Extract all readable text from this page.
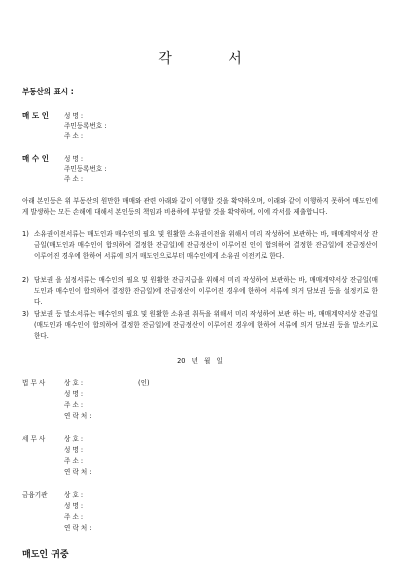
각 서
부동산의 표시 :
매 도 인 성 명 :
주민등록번호 :
주 소 :
매 수 인 성 명 :
주민등록번호 :
주 소 :
아래 본인등은 위 부동산의 원만한 매매와 관련 아래와 같이 이행할 것을 확약하오며, 이래와 같이 이행하지 못하여 매도인에게 발생하는 모든 손해에 대해서 본인등의 책임과 비용하에 부담할 것을 확약하며, 이에 각서를 제출합니다.
1) 소유권이전서류는 매도인과 매수인의 필요 및 원활한 소유권이전을 위해서 미리 작성하여 보관하는 바, 매매계약서상 잔금일(매도인과 매수인이 합의하여 결정한 잔금일)에 잔금정산이 이루어진 인이 합의하여 결정한 잔금일)에 잔금정산이 이루어진 경우에 한하여 서류에 의거 매도인으로부터 매수인에게 소유권 이전키로 한다.
2) 담보권 을 설정서류는 매수인의 필요 및 원활한 잔금지급을 위해서 미리 작성하여 보관하는 바, 매매계약서상 잔금일(매도인과 매수인이 합의하여 결정한 잔금일)에 잔금정산이 이루어진 경우에 한하여 서류에 의거 담보권 등을 설정키로 한다.
3) 담보권 등 말소서류는 매수인의 필요 및 원활한 소유권 취득을 위해서 미리 작성하여 보관 하는 바, 매매계약서상 잔금일(매도인과 매수인이 합의하여 결정한 잔금일)에 잔금정산이 이루어진 경우에 한하여 서류에 의거 담보권 등을 말소키로 한다.
20 년 월 일
법 무 사	상 호 :	(인)
성 명 :
주 소 :
연 락 처 :
세 무 사	상 호 :
성 명 :
주 소 :
연 락 처 :
금융기관	상 호 :
성 명 :
주 소 :
연 락 처 :
매도인 귀중
